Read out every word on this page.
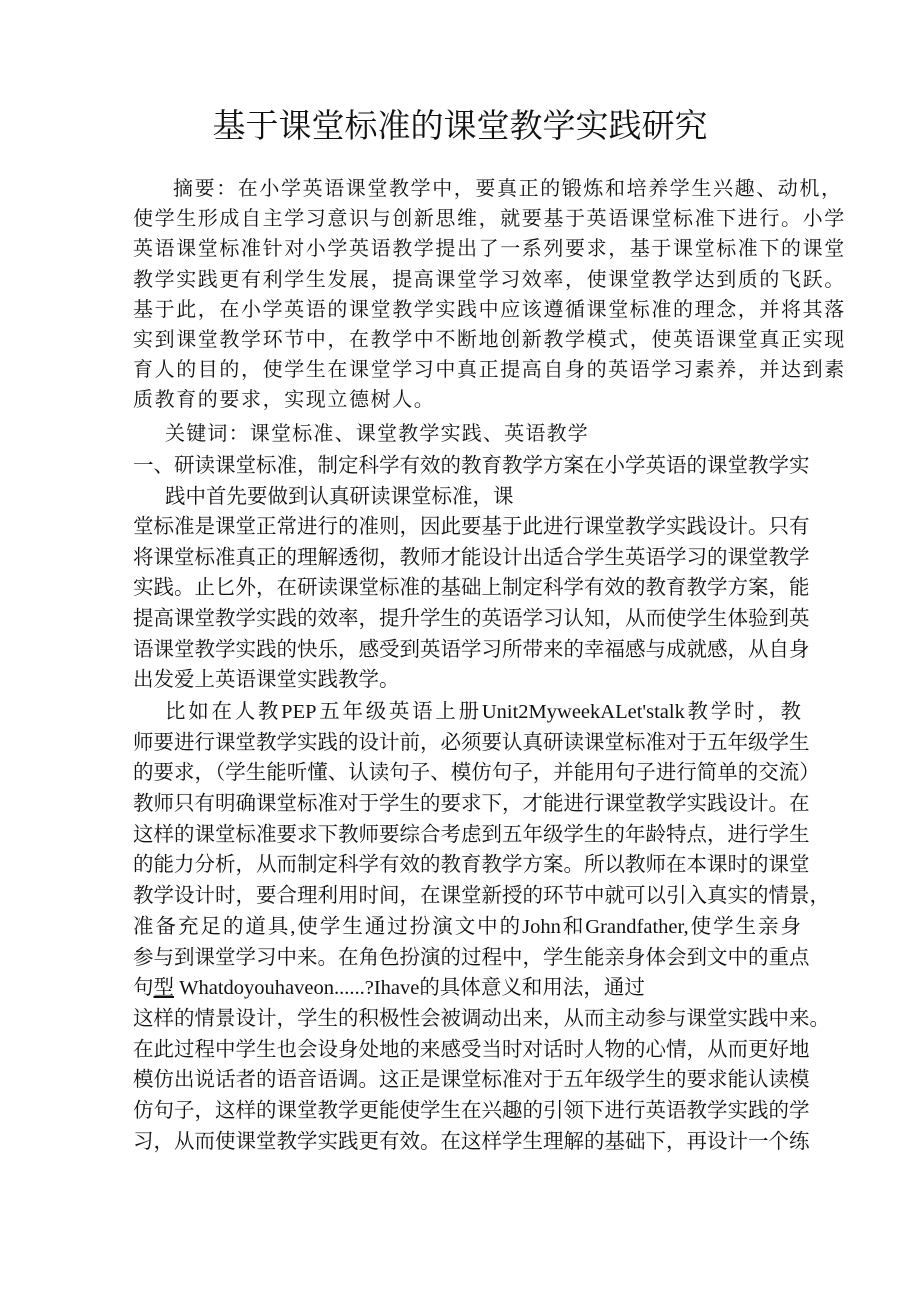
基于课堂标准的课堂教学实践研究
摘要：在小学英语课堂教学中，要真正的锻炼和培养学生兴趣、动机，
使学生形成自主学习意识与创新思维，就要基于英语课堂标准下进行。小学
英语课堂标准针对小学英语教学提出了一系列要求，基于课堂标准下的课堂
教学实践更有利学生发展，提高课堂学习效率，使课堂教学达到质的飞跃。
基于此，在小学英语的课堂教学实践中应该遵循课堂标准的理念，并将其落
实到课堂教学环节中，在教学中不断地创新教学模式，使英语课堂真正实现
育人的目的，使学生在课堂学习中真正提高自身的英语学习素养，并达到素
质教育的要求，实现立德树人。
关键词：课堂标准、课堂教学实践、英语教学
一、研读课堂标准，制定科学有效的教育教学方案在小学英语的课堂教学实
践中首先要做到认真研读课堂标准，课
堂标准是课堂正常进行的准则，因此要基于此进行课堂教学实践设计。只有
将课堂标准真正的理解透彻，教师才能设计出适合学生英语学习的课堂教学
实践。止匕外，在研读课堂标准的基础上制定科学有效的教育教学方案，能
提高课堂教学实践的效率，提升学生的英语学习认知，从而使学生体验到英
语课堂教学实践的快乐，感受到英语学习所带来的幸福感与成就感，从自身
出发爱上英语课堂实践教学。
比如在人教PEP五年级英语上册Unit2MyweekALet'stalk教学时，教
师要进行课堂教学实践的设计前，必须要认真研读课堂标准对于五年级学生
的要求，（学生能听懂、认读句子、模仿句子，并能用句子进行简单的交流）
教师只有明确课堂标准对于学生的要求下，才能进行课堂教学实践设计。在
这样的课堂标准要求下教师要综合考虑到五年级学生的年龄特点，进行学生
的能力分析，从而制定科学有效的教育教学方案。所以教师在本课时的课堂
教学设计时，要合理利用时间，在课堂新授的环节中就可以引入真实的情景，
准备充足的道具,使学生通过扮演文中的John和Grandfather,使学生亲身
参与到课堂学习中来。在角色扮演的过程中，学生能亲身体会到文中的重点
句型 Whatdoyouhaveon......?Ihave的具体意义和用法，通过
这样的情景设计，学生的积极性会被调动出来，从而主动参与课堂实践中来。
在此过程中学生也会设身处地的来感受当时对话时人物的心情，从而更好地
模仿出说话者的语音语调。这正是课堂标准对于五年级学生的要求能认读模
仿句子，这样的课堂教学更能使学生在兴趣的引领下进行英语教学实践的学
习，从而使课堂教学实践更有效。在这样学生理解的基础下，再设计一个练
